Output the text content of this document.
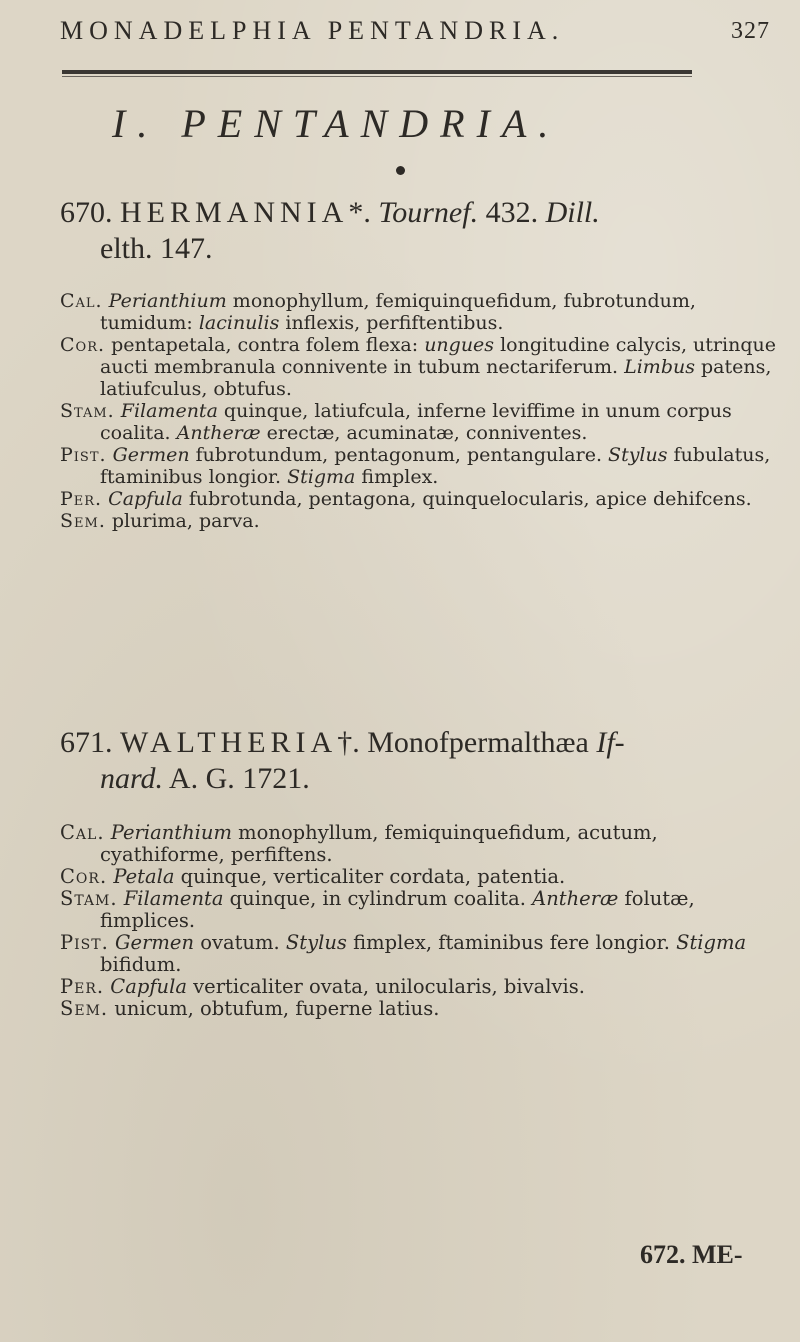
MONADELPHIA PENTANDRIA.	327
I. PENTANDRIA.
670. HERMANNIA*. Tournef. 432. Dill.
elth. 147.

Cal. Perianthium monophyllum, femiquinquefidum, fubrotundum, tumidum: lacinulis inflexis, perfiftentibus.

Cor. pentapetala, contra folem flexa: ungues longitudine calycis, utrinque aucti membranula connivente in tubum nectariferum. Limbus patens, latiufculus, obtufus.

Stam. Filamenta quinque, latiufcula, inferne leviffime in unum corpus coalita. Antheræ erectæ, acuminatæ, conniventes.

Pist. Germen fubrotundum, pentagonum, pentangulare. Stylus fubulatus, ftaminibus longior. Stigma fimplex.

Per. Capfula fubrotunda, pentagona, quinquelocularis, apice dehifcens.

Sem. plurima, parva.

671. WALTHERIA†. Monofpermalthæa If-
nard. A. G. 1721.

Cal. Perianthium monophyllum, femiquinquefidum, acutum, cyathiforme, perfiftens.

Cor. Petala quinque, verticaliter cordata, patentia.

Stam. Filamenta quinque, in cylindrum coalita. Antheræ folutæ, fimplices.

Pist. Germen ovatum. Stylus fimplex, ftaminibus fere longior. Stigma bifidum.

Per. Capfula verticaliter ovata, unilocularis, bivalvis.

Sem. unicum, obtufum, fuperne latius.

672. ME-
